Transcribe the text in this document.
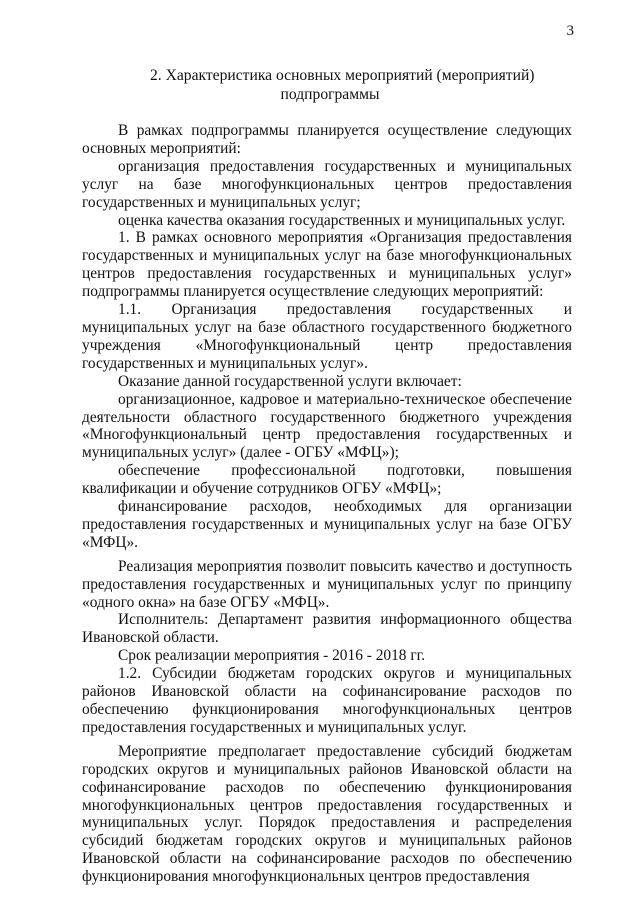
3
2. Характеристика основных мероприятий (мероприятий)
подпрограммы

В рамках подпрограммы планируется осуществление следующих основных мероприятий:

организация предоставления государственных и муниципальных услуг на базе многофункциональных центров предоставления государственных и муниципальных услуг;

оценка качества оказания государственных и муниципальных услуг.

1. В рамках основного мероприятия «Организация предоставления государственных и муниципальных услуг на базе многофункциональных центров предоставления государственных и муниципальных услуг» подпрограммы планируется осуществление следующих мероприятий:

1.1. Организация предоставления государственных и муниципальных услуг на базе областного государственного бюджетного учреждения «Многофункциональный центр предоставления государственных и муниципальных услуг».

Оказание данной государственной услуги включает:

организационное, кадровое и материально-техническое обеспечение деятельности областного государственного бюджетного учреждения «Многофункциональный центр предоставления государственных и муниципальных услуг» (далее - ОГБУ «МФЦ»);

обеспечение профессиональной подготовки, повышения квалификации и обучение сотрудников ОГБУ «МФЦ»;

финансирование расходов, необходимых для организации предоставления государственных и муниципальных услуг на базе ОГБУ «МФЦ».

Реализация мероприятия позволит повысить качество и доступность предоставления государственных и муниципальных услуг по принципу «одного окна» на базе ОГБУ «МФЦ».

Исполнитель: Департамент развития информационного общества Ивановской области.

Срок реализации мероприятия - 2016 - 2018 гг.

1.2. Субсидии бюджетам городских округов и муниципальных районов Ивановской области на софинансирование расходов по обеспечению функционирования многофункциональных центров предоставления государственных и муниципальных услуг.

Мероприятие предполагает предоставление субсидий бюджетам городских округов и муниципальных районов Ивановской области на софинансирование расходов по обеспечению функционирования многофункциональных центров предоставления государственных и муниципальных услуг. Порядок предоставления и распределения субсидий бюджетам городских округов и муниципальных районов Ивановской области на софинансирование расходов по обеспечению функционирования многофункциональных центров предоставления
